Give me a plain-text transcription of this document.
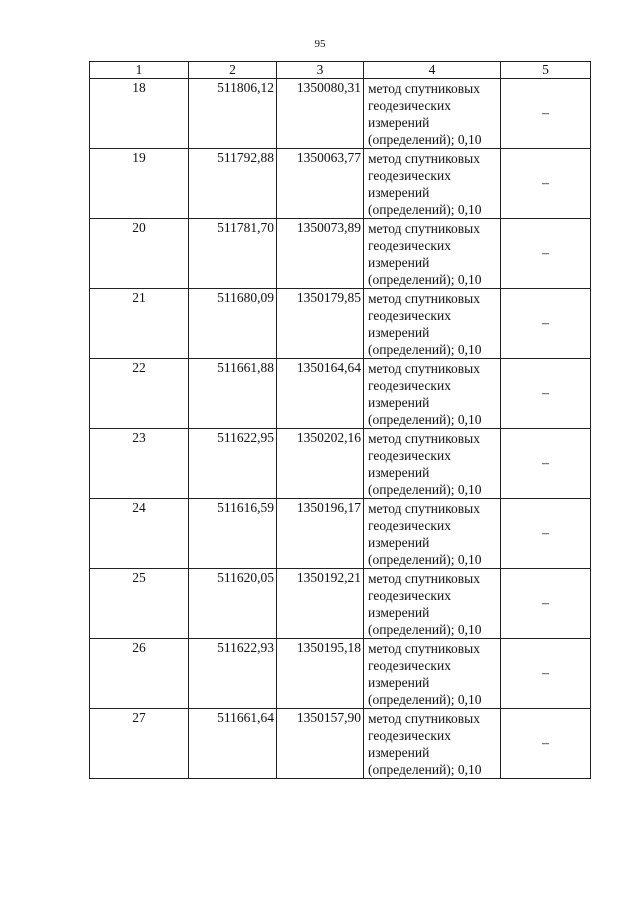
95
1	2	3	4	5
18	511806,12	1350080,31	метод спутниковых
геодезических
измерений
(определений); 0,10	–
19	511792,88	1350063,77	метод спутниковых
геодезических
измерений
(определений); 0,10	–
20	511781,70	1350073,89	метод спутниковых
геодезических
измерений
(определений); 0,10	–
21	511680,09	1350179,85	метод спутниковых
геодезических
измерений
(определений); 0,10	–
22	511661,88	1350164,64	метод спутниковых
геодезических
измерений
(определений); 0,10	–
23	511622,95	1350202,16	метод спутниковых
геодезических
измерений
(определений); 0,10	–
24	511616,59	1350196,17	метод спутниковых
геодезических
измерений
(определений); 0,10	–
25	511620,05	1350192,21	метод спутниковых
геодезических
измерений
(определений); 0,10	–
26	511622,93	1350195,18	метод спутниковых
геодезических
измерений
(определений); 0,10	–
27	511661,64	1350157,90	метод спутниковых
геодезических
измерений
(определений); 0,10	–
